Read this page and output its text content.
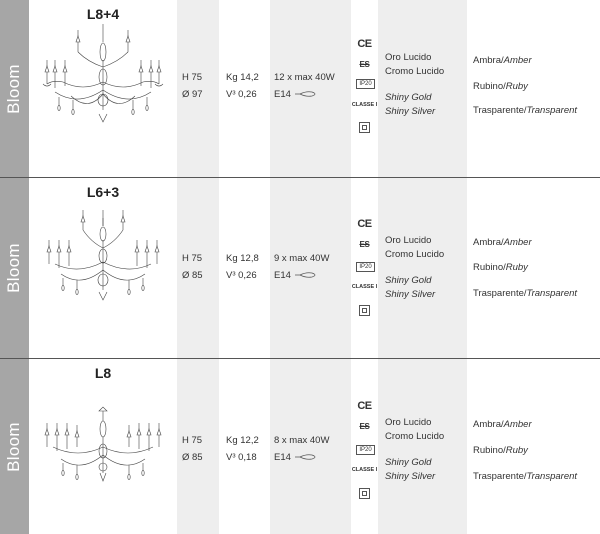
Bloom
L8+4
H 75
Ø 97
Kg 14,2
V³ 0,26
12 x max 40W
E14
CE
ES
IP20
CLASSE I
Oro Lucido
Cromo Lucido
Shiny Gold
Shiny Silver
Ambra/Amber
Rubino/Ruby
Trasparente/Transparent
Bloom
L6+3
H 75
Ø 85
Kg 12,8
V³ 0,26
9 x max 40W
E14
CE
ES
IP20
CLASSE I
Oro Lucido
Cromo Lucido
Shiny Gold
Shiny Silver
Ambra/Amber
Rubino/Ruby
Trasparente/Transparent
Bloom
L8
H 75
Ø 85
Kg 12,2
V³ 0,18
8 x max 40W
E14
CE
ES
IP20
CLASSE I
Oro Lucido
Cromo Lucido
Shiny Gold
Shiny Silver
Ambra/Amber
Rubino/Ruby
Trasparente/Transparent
